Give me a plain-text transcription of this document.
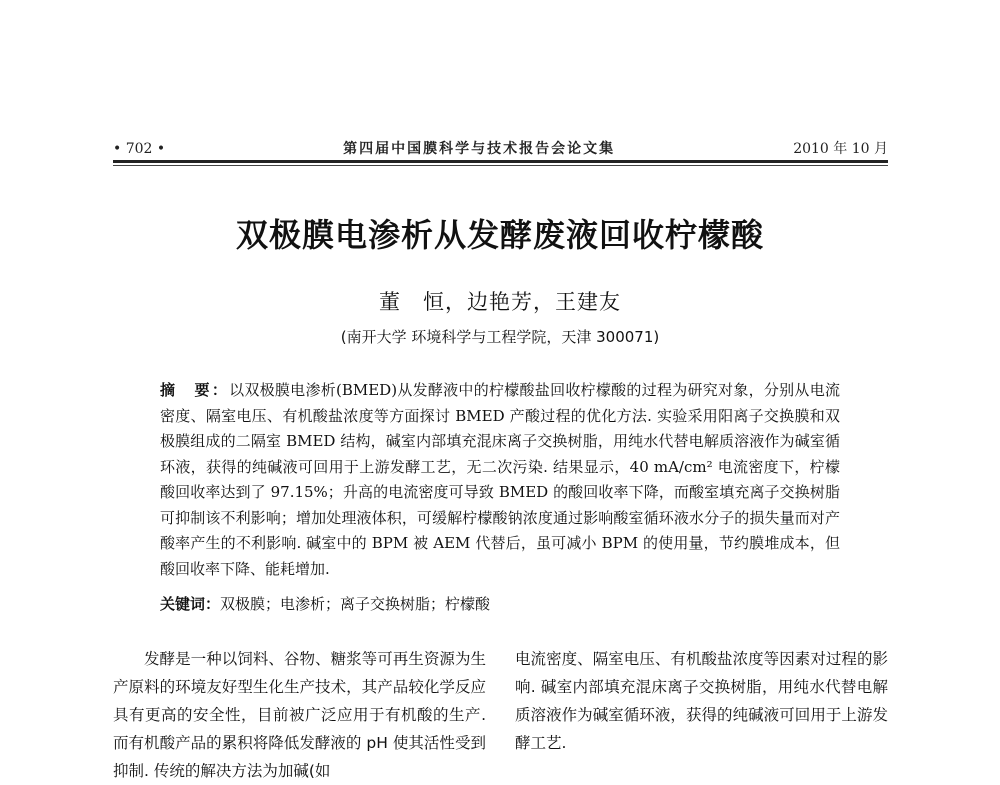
• 702 •	第四届中国膜科学与技术报告会论文集	2010 年 10 月
双极膜电渗析从发酵废液回收柠檬酸
董　恒，边艳芳，王建友
(南开大学 环境科学与工程学院，天津 300071)
摘　要：以双极膜电渗析(BMED)从发酵液中的柠檬酸盐回收柠檬酸的过程为研究对象，分别从电流密度、隔室电压、有机酸盐浓度等方面探讨 BMED 产酸过程的优化方法. 实验采用阳离子交换膜和双极膜组成的二隔室 BMED 结构，碱室内部填充混床离子交换树脂，用纯水代替电解质溶液作为碱室循环液，获得的纯碱液可回用于上游发酵工艺，无二次污染. 结果显示，40 mA/cm² 电流密度下，柠檬酸回收率达到了 97.15%；升高的电流密度可导致 BMED 的酸回收率下降，而酸室填充离子交换树脂可抑制该不利影响；增加处理液体积，可缓解柠檬酸钠浓度通过影响酸室循环液水分子的损失量而对产酸率产生的不利影响. 碱室中的 BPM 被 AEM 代替后，虽可减小 BPM 的使用量，节约膜堆成本，但酸回收率下降、能耗增加.
关键词：双极膜；电渗析；离子交换树脂；柠檬酸
发酵是一种以饲料、谷物、糖浆等可再生资源为生产原料的环境友好型生化生产技术，其产品较化学反应具有更高的安全性，目前被广泛应用于有机酸的生产. 而有机酸产品的累积将降低发酵液的 pH 使其活性受到抑制. 传统的解决方法为加碱(如
电流密度、隔室电压、有机酸盐浓度等因素对过程的影响. 碱室内部填充混床离子交换树脂，用纯水代替电解质溶液作为碱室循环液，获得的纯碱液可回用于上游发酵工艺.
